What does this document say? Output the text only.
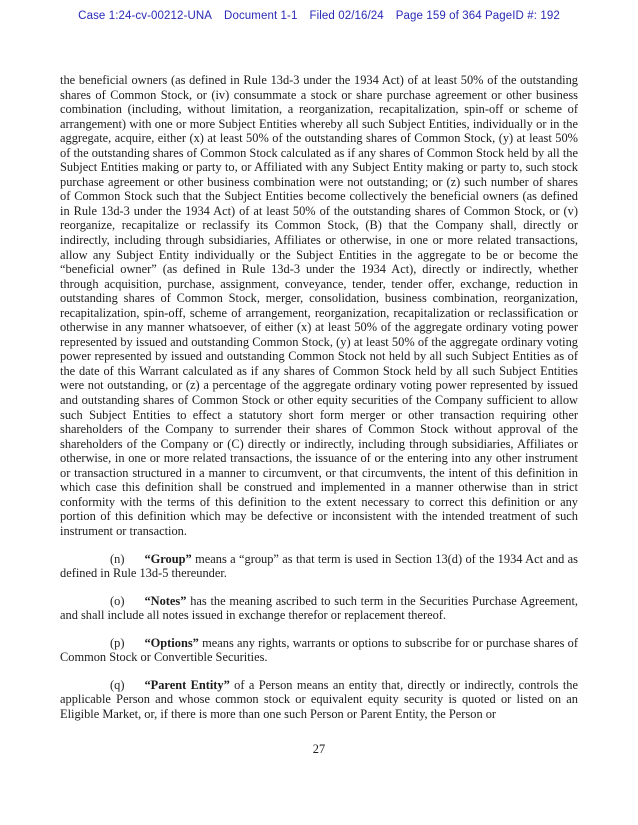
Case 1:24-cv-00212-UNA Document 1-1 Filed 02/16/24 Page 159 of 364 PageID #: 192

the beneficial owners (as defined in Rule 13d-3 under the 1934 Act) of at least 50% of the outstanding shares of Common Stock, or (iv) consummate a stock or share purchase agreement or other business combination (including, without limitation, a reorganization, recapitalization, spin-off or scheme of arrangement) with one or more Subject Entities whereby all such Subject Entities, individually or in the aggregate, acquire, either (x) at least 50% of the outstanding shares of Common Stock, (y) at least 50% of the outstanding shares of Common Stock calculated as if any shares of Common Stock held by all the Subject Entities making or party to, or Affiliated with any Subject Entity making or party to, such stock purchase agreement or other business combination were not outstanding; or (z) such number of shares of Common Stock such that the Subject Entities become collectively the beneficial owners (as defined in Rule 13d-3 under the 1934 Act) of at least 50% of the outstanding shares of Common Stock, or (v) reorganize, recapitalize or reclassify its Common Stock, (B) that the Company shall, directly or indirectly, including through subsidiaries, Affiliates or otherwise, in one or more related transactions, allow any Subject Entity individually or the Subject Entities in the aggregate to be or become the “beneficial owner” (as defined in Rule 13d-3 under the 1934 Act), directly or indirectly, whether through acquisition, purchase, assignment, conveyance, tender, tender offer, exchange, reduction in outstanding shares of Common Stock, merger, consolidation, business combination, reorganization, recapitalization, spin-off, scheme of arrangement, reorganization, recapitalization or reclassification or otherwise in any manner whatsoever, of either (x) at least 50% of the aggregate ordinary voting power represented by issued and outstanding Common Stock, (y) at least 50% of the aggregate ordinary voting power represented by issued and outstanding Common Stock not held by all such Subject Entities as of the date of this Warrant calculated as if any shares of Common Stock held by all such Subject Entities were not outstanding, or (z) a percentage of the aggregate ordinary voting power represented by issued and outstanding shares of Common Stock or other equity securities of the Company sufficient to allow such Subject Entities to effect a statutory short form merger or other transaction requiring other shareholders of the Company to surrender their shares of Common Stock without approval of the shareholders of the Company or (C) directly or indirectly, including through subsidiaries, Affiliates or otherwise, in one or more related transactions, the issuance of or the entering into any other instrument or transaction structured in a manner to circumvent, or that circumvents, the intent of this definition in which case this definition shall be construed and implemented in a manner otherwise than in strict conformity with the terms of this definition to the extent necessary to correct this definition or any portion of this definition which may be defective or inconsistent with the intended treatment of such instrument or transaction.

(n) “Group” means a “group” as that term is used in Section 13(d) of the 1934 Act and as defined in Rule 13d-5 thereunder.

(o) “Notes” has the meaning ascribed to such term in the Securities Purchase Agreement, and shall include all notes issued in exchange therefor or replacement thereof.

(p) “Options” means any rights, warrants or options to subscribe for or purchase shares of Common Stock or Convertible Securities.

(q) “Parent Entity” of a Person means an entity that, directly or indirectly, controls the applicable Person and whose common stock or equivalent equity security is quoted or listed on an Eligible Market, or, if there is more than one such Person or Parent Entity, the Person or

27
